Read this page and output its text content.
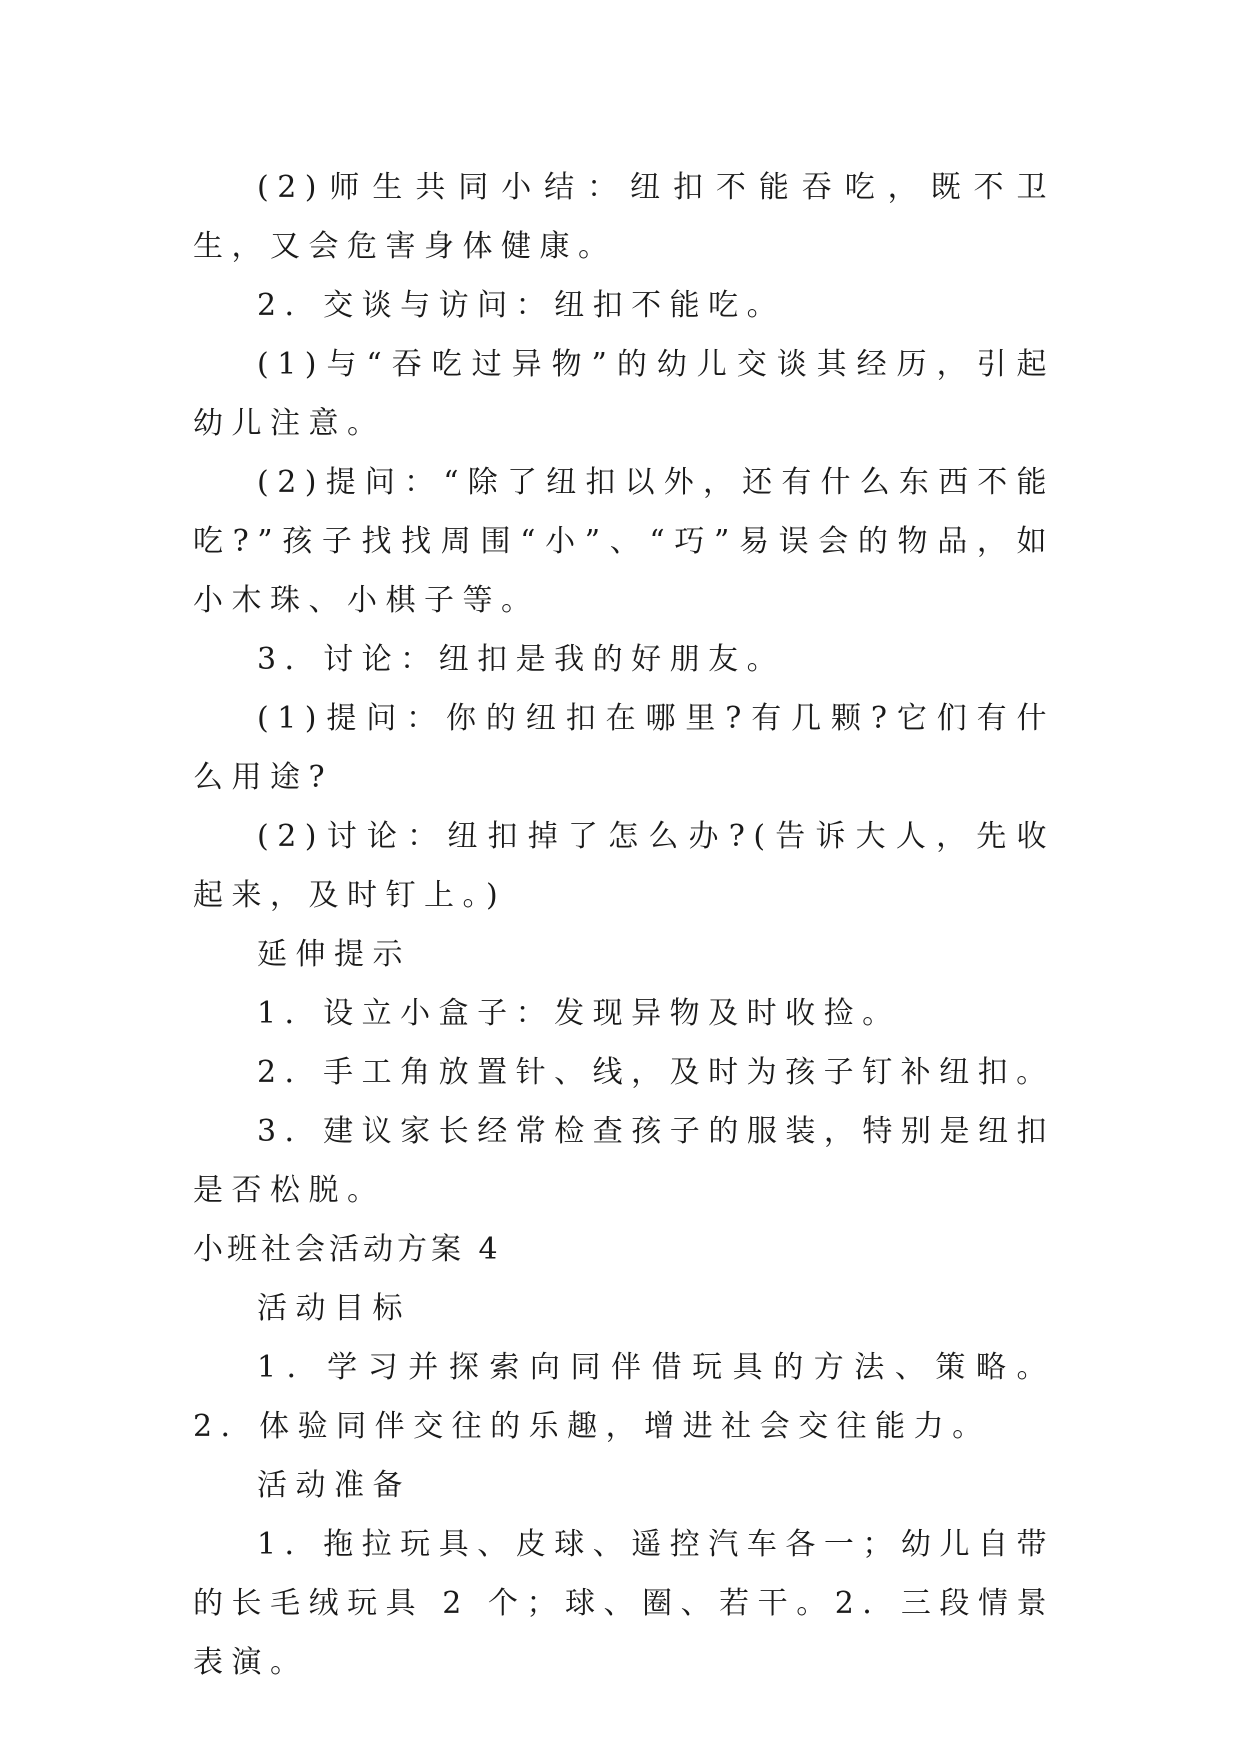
(2)师生共同小结：纽扣不能吞吃，既不卫生，又会危害身体健康。

2．交谈与访问：纽扣不能吃。

(1)与“吞吃过异物”的幼儿交谈其经历，引起幼儿注意。

(2)提问：“除了纽扣以外，还有什么东西不能吃?”孩子找找周围“小”、“巧”易误会的物品，如小木珠、小棋子等。

3．讨论：纽扣是我的好朋友。

(1)提问：你的纽扣在哪里?有几颗?它们有什么用途?

(2)讨论：纽扣掉了怎么办?(告诉大人，先收起来，及时钉上。)

延伸提示

1．设立小盒子：发现异物及时收捡。

2．手工角放置针、线，及时为孩子钉补纽扣。

3．建议家长经常检查孩子的服装，特别是纽扣是否松脱。

小班社会活动方案 4

活动目标

1．学习并探索向同伴借玩具的方法、策略。2．体验同伴交往的乐趣，增进社会交往能力。

活动准备

1．拖拉玩具、皮球、遥控汽车各一；幼儿自带的长毛绒玩具 2 个；球、圈、若干。2．三段情景表演。
